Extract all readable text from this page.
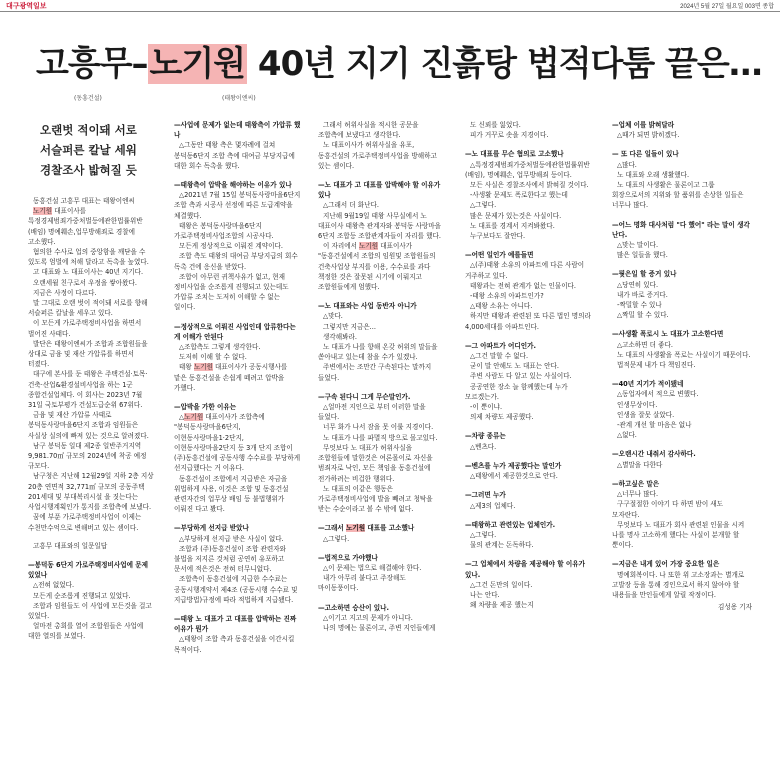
대구광역일보	2024년 5월 27일 월요일 003면 종합
고흥무–노기원 40년 지기 진흙탕 법적다툼 끝은…
(동흥건설)	(태왕이엔씨)
오랜벗 적이돼 서로
서슬퍼른 칼날 세워
경찰조사 밟혀질 듯
동흥건설 고흥무 대표는 태왕이엔씨
노기원 대표이사를 특정경제범죄가중처벌등에관한법률위반(배임) 명예훼손,업무방해죄로 경찰에 고소했다.
혐의한 수사로 업의 중앙함을 깨닫을 수 있도록 엄벌에 처해 달라고 독촉을 높였다.
고 대표와 노 대표이사는 40년 지기다.
오랜세월 친구로서 우정을 쌓아왔다.
지금은 사정이 다르다.
말 그대로 오랜 벗이 적이돼 서로를 향해 서슬퍼른 칼날을 세우고 있다.
이 모든게 가로주택정비사업을 하면서 벌어진 사태다.
발단은 태왕이엔씨가 조합과 조합원들을 상대로 금융 및 재산 가압류를 하면서 터졌다.
대구에 본사를 둔 태왕은 주택건설·토목·건축·산업&환경설비사업을 하는 1군 종합건설업체다. 이 회사는 2023년 7월 31일 국토부평가 건설도급순위 67위다.
금융 및 재산 가압류 사태로 봉덕동사랑마을6단지 조합과 임원들은 사실상 실의에 빠져 있는 것으로 알려졌다.
남구 봉덕동 일대 제2종 일반주거지역 9,981.70㎡ 규모의 2024년에 착공 예정 규모다.
남구청은 지난해 12월29일 지하 2층 지상 20층 연면적 32,771㎡ 규모의 공동주택 201세대 및 부대복리시설 을 짓는다는 사업시행계획인가 통지를 조합측에 보냈다.
꿈에 부푼 가로주택정비사업이 이제는 수천만수억으로 변해버고 있는 셈이다.
고흥무 대표와의 일문일답
—봉덕동 6단지 가로주택정비사업에 문제 있었나
△전혀 없었다.
모든게 순조롭게 진행되고 있었다.
조합과 임원들도 이 사업에 모든것을 걸고 있었다.
얼마전 총회를 열어 조합원들은 사업에 대한 열의를 보였다.
—사업에 문제가 없는데 태왕측이 가압류 했나
△그동안 태왕 측은 몇자례에 걸쳐 봉덕동6단지 조합 측에 대여금 부당지급에 대한 회수 독촉을 했다.
—태왕측이 압박을 해야하는 이유가 있나
△2021년 7월 15일 봉덕동사랑마을6단지 조합 측과 시공사 선정에 따른 도급계약을 체결했다.
태왕은 봉덕동사랑마을6단지 가로주택정비사업조합의 시공사다.
모든게 정상적으로 이뤄진 계약이다.
조합 측도 태왕의 대여금 부당지급의 회수 독촉 건에 응신을 받았다.
조합이 아무런 귀책사유가 없고, 현재 정비사업을 순조롭게 진행되고 있는데도 가압류 조치는 도저히 이해할 수 없는 일이다.
—정상적으로 이뤄진 사업인데 압류한다는게 이해가 안된다
△조합측도 그렇게 생각한다.
도저히 이해 할 수 없다.
태왕 노기원 대표이사가 공동시행사를 맡은 동흥건설을 손쉽게 떼려고 압박을 가했다.
—압박을 가한 이유는
△노기원 대표이사가 조합측에 "봉덕동사랑마을6단지, 이현동사랑마을1·2단지, 이현동사랑마을2단지 등 3개 단지 조합이 (주)동흥건설에 공동사행 수수료를 부당하게 선지급했다는 거 이유다.
동흥건설이 조합에서 지급받은 자금을 위법하게 사용, 이것은 조합 및 동흥건설 관련자간의 업무상 배임 등 불법행위가 이뤄진 다고 봤다.
—부당하게 선지급 받았나
△부당하게 선지급 받은 사실이 없다.
조합과 (주)동흥건설이 조합 관련자와 불법을 저지른 것처럼 공연히 유포하고 문서에 적은것은 전혀 터무니없다.
조합측이 동흥건설에 지급한 수수료는 공동시행계약서 제4조 (공동시행 수수료 및 지급방법)규정에 따라 적법하게 지급됐다.
—태왕 노 대표가 고 대표를 압박하는 진짜 이유가 뭔가
△태왕이 조합 측과 동흥건설을 이간시킬 목적이다.
그래서 허위사실을 적시한 공문을 조합측에 보냈다고 생각한다.
노 대표이사가 허위사실을 유포, 동흥건설의 가로주택정비사업을 방해하고 있는 셈이다.
—노 대표가 고 대표를 압박해야 할 이유가 있나
△그래서 더 화난다.
지난해 9월19일 태왕 사무실에서 노 대표이사 태왕측 관계자와 봉덕동 사랑마을 6단지 조합등 조합관계자들이 자리를 했다.
이 자리에서 노기원 대표이사가 "동흥건설에서 조합의 임원및 조합원들의 건축사업상 부지를 이용, 수수료를 과다 책정한 것은 잘못된 시기에 이뤄지고 조합원들에게 엄했다.
—노 대표와는 사업 동반자 아니가
△맞다.
그렇지만 지금은...
생각해봐라.
노 대표가 나를 향해 온갖 허위의 말들을 쏟아내고 있는데 참을 수가 있겠나.
주변에서는 조만간 구속된다는 말까지 들었다.
—구속 된다니 그게 무슨말인가.
△얼마전 지인으로 부터 이러한 말을 들었다.
너무 화가 나서 잠을 못 이룰 지경이다.
노 대표가 나를 파멸직 방으로 몰고있다.
무엇보다 노 대표가 허위사실을 조합원들에 말한것은 여론몰이로 자신을 범죄자로 낙인, 모든 책임을 동흥건설에 전가하려는 비겁한 행위다.
노 대표의 이같은 행동은 가로주택정비사업에 발을 빼려고 청탁을 받는 수순이라고 볼 수 밖에 없다.
—그래서 노기원 대표를 고소했나
△그렇다.
—법적으로 가야했나
△이 문제는 법으로 해결해야 한다.
내가 아무리 붙다고 주장해도 마이동풍이다.
—고소하면 승산이 있나.
△이기고 지고의 문제가 아니다.
나의 명예는 물론이고, 주변 지인들에게
도 신뢰를 잃었다.
피가 거꾸로 솟을 지경이다.
—노 대표를 무슨 혐의로 고소했나
△특정경제범죄가중처벌등에관한법률위반(배임), 명예훼손, 업무방해죄 등이다.
모든 사실은 경찰조사에서 밝혀질 것이다.
-사생활 문제도 폭로한다고 했는데
△그렇다.
많은 문제가 있는것은 사실이다.
노 대표를 경계서 지켜봐왔다.
누구보다도 잘안다.
—어떤 일인가 예를들면
△(주)태왕 소유의 아파트에 다른 사람이 거주하고 있다.
태왕과는 전혀 관계가 없는 인물이다.
-태왕 소유의 아파트인가?
△태왕 소유는 아니다.
하지만 태왕과 관련된 또 다른 법인 명의라 4,000세대를 아파트인다.
—그 아파트가 어디인가.
△그건 말할 수 없다.
굳이 말 안해도 노 대표는 안다.
주변 사람도 다 알고 있는 사실이다.
공공연한 장소 늘 함께했는데 누가 모르겠는가.
-이 뿐이냐.
의제 차량도 제공했다.
—차량 종류는
△벤츠다.
—벤츠를 누가 제공했다는 말인가
△태왕에서 제공한것으로 안다.
—그러면 누가
△제3의 업체다.
—태왕하고 관련있는 업체인가.
△그렇다.
물의 관계는 돈독하다.
—그 업체에서 차량을 제공해야 할 이유가 있나.
△그건 돈만의 일이다.
나는 안다.
왜 차량을 제공 했는지
—업체 이를 밝혀달라
△때가 되면 밝히겠다.
— 또 다른 일들이 있나
△많다.
노 대표와 오래 생활했다.
노 대표의 사생활은 물론이고 그룹 회장으로서의 지위와 할 품위를 손상한 일들은 너무나 많다.
—어느 명화 대사처럼 "다 했어" 라는 말이 생각난다.
△맞는 말이다.
많은 일들을 했다.
—뭣은일 할 증거 있나
△당연히 있다.
내가 바로 증거다.
-짝밀할 수 있나
△짝밀 할 수 있다.
—사생활 폭로시 노 대표가 고소한다면
△고소하면 더 좋다.
노 대표의 사생활을 폭로는 사실이기 때문이다.
법적문제 내가 다 책임진다.
—40년 지기가 적이됐네
△동업자에서 적으로 변했다.
인생무상이다.
인생을 잘못 살았다.
-관계 개선 할 마음은 없나
△없다.
—오랜시간 내줘서 감사하다.
△별말을 다한다
—하고싶은 말은
△너무나 많다.
구구절절한 이야기 다 하면 밤이 새도 모자란다.
무엇보다 노 대표가 회사 관련된 인물을 시켜 나를 명사 고소하게 했다는 사실이 분개할 할 뿐이다.
—지금은 내게 있어 가장 중요한 일은
명예회복이다. 나 또한 위 고소장과는 별개로 고발장 등을 통해 경인으로서 하지 않아야 할 내용들을 만인들에게 알릴 작정이다.
김성용 기자
